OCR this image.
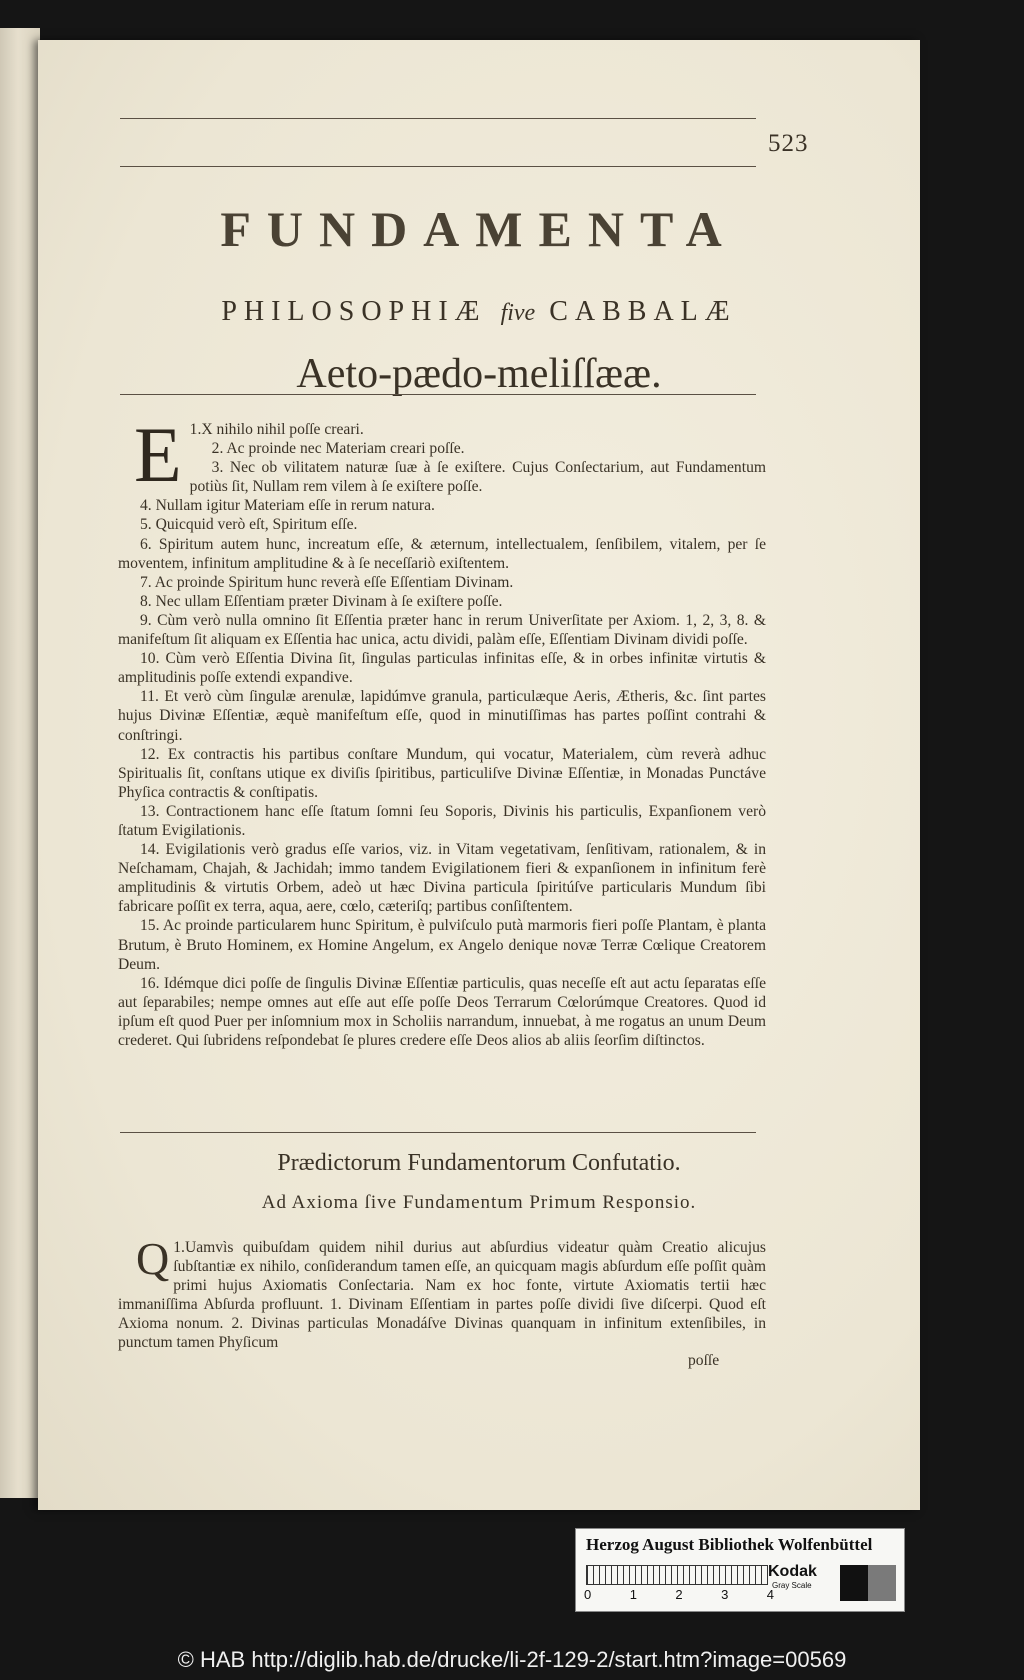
523
FUNDAMENTA
PHILOSOPHIÆ five CABBALÆ
Aeto-pædo-meliſſææ.

1.
E X nihilo nihil poſſe creari.

2. Ac proinde nec Materiam creari poſſe.

3. Nec ob vilitatem naturæ ſuæ à ſe exiſtere. Cujus Conſectarium, aut Fundamentum potiùs ſit, Nullam rem vilem à ſe exiſtere poſſe.

4. Nullam igitur Materiam eſſe in rerum natura.

5. Quicquid verò eſt, Spiritum eſſe.

6. Spiritum autem hunc, increatum eſſe, & æternum, intellectualem, ſenſibilem, vitalem, per ſe moventem, infinitum amplitudine & à ſe neceſſariò exiſtentem.

7. Ac proinde Spiritum hunc reverà eſſe Eſſentiam Divinam.

8. Nec ullam Eſſentiam præter Divinam à ſe exiſtere poſſe.

9. Cùm verò nulla omnino ſit Eſſentia præter hanc in rerum Univerſitate per Axiom. 1, 2, 3, 8. & manifeſtum ſit aliquam ex Eſſentia hac unica, actu dividi, palàm eſſe, Eſſentiam Divinam dividi poſſe.

10. Cùm verò Eſſentia Divina ſit, ſingulas particulas infinitas eſſe, & in orbes infinitæ virtutis & amplitudinis poſſe extendi expandive.

11. Et verò cùm ſingulæ arenulæ, lapidúmve granula, particulæque Aeris, Ætheris, &c. ſint partes hujus Divinæ Eſſentiæ, æquè manifeſtum eſſe, quod in minutiſſimas has partes poſſint contrahi & conſtringi.

12. Ex contractis his partibus conſtare Mundum, qui vocatur, Materialem, cùm reverà adhuc Spiritualis ſit, conſtans utique ex diviſis ſpiritibus, particuliſve Divinæ Eſſentiæ, in Monadas Punctáve Phyſica contractis & conſtipatis.

13. Contractionem hanc eſſe ſtatum ſomni ſeu Soporis, Divinis his particulis, Expanſionem verò ſtatum Evigilationis.

14. Evigilationis verò gradus eſſe varios, viz. in Vitam vegetativam, ſenſitivam, rationalem, & in Neſchamam, Chajah, & Jachidah; immo tandem Evigilationem fieri & expanſionem in infinitum ferè amplitudinis & virtutis Orbem, adeò ut hæc Divina particula ſpiritúſve particularis Mundum ſibi fabricare poſſit ex terra, aqua, aere, cœlo, cæteriſq; partibus conſiſtentem.

15. Ac proinde particularem hunc Spiritum, è pulviſculo putà marmoris fieri poſſe Plantam, è planta Brutum, è Bruto Hominem, ex Homine Angelum, ex Angelo denique novæ Terræ Cœlique Creatorem Deum.

16. Idémque dici poſſe de ſingulis Divinæ Eſſentiæ particulis, quas neceſſe eſt aut actu ſeparatas eſſe aut ſeparabiles; nempe omnes aut eſſe aut eſſe poſſe Deos Terrarum Cœlorúmque Creatores. Quod id ipſum eſt quod Puer per inſomnium mox in Scholiis narrandum, innuebat, à me rogatus an unum Deum crederet. Qui ſubridens reſpondebat ſe plures credere eſſe Deos alios ab aliis ſeorſim diſtinctos.

Prædictorum Fundamentorum Confutatio.
Ad Axioma ſive Fundamentum Primum Responsio.

1.
Q Uamvìs quibuſdam quidem nihil durius aut abſurdius videatur quàm Creatio alicujus ſubſtantiæ ex nihilo, conſiderandum tamen eſſe, an quicquam magis abſurdum eſſe poſſit quàm primi hujus Axiomatis Conſectaria. Nam ex hoc fonte, virtute Axiomatis tertii hæc immaniſſima Abſurda profluunt. 1. Divinam Eſſentiam in partes poſſe dividi ſive diſcerpi. Quod eſt Axioma nonum. 2. Divinas particulas Monadáſve Divinas quanquam in infinitum extenſibiles, in punctum tamen Phyſicum

poſſe
Herzog August Bibliothek Wolfenbüttel
0	1	2	3	4
Kodak
Gray Scale
© HAB http://diglib.hab.de/drucke/li-2f-129-2/start.htm?image=00569
